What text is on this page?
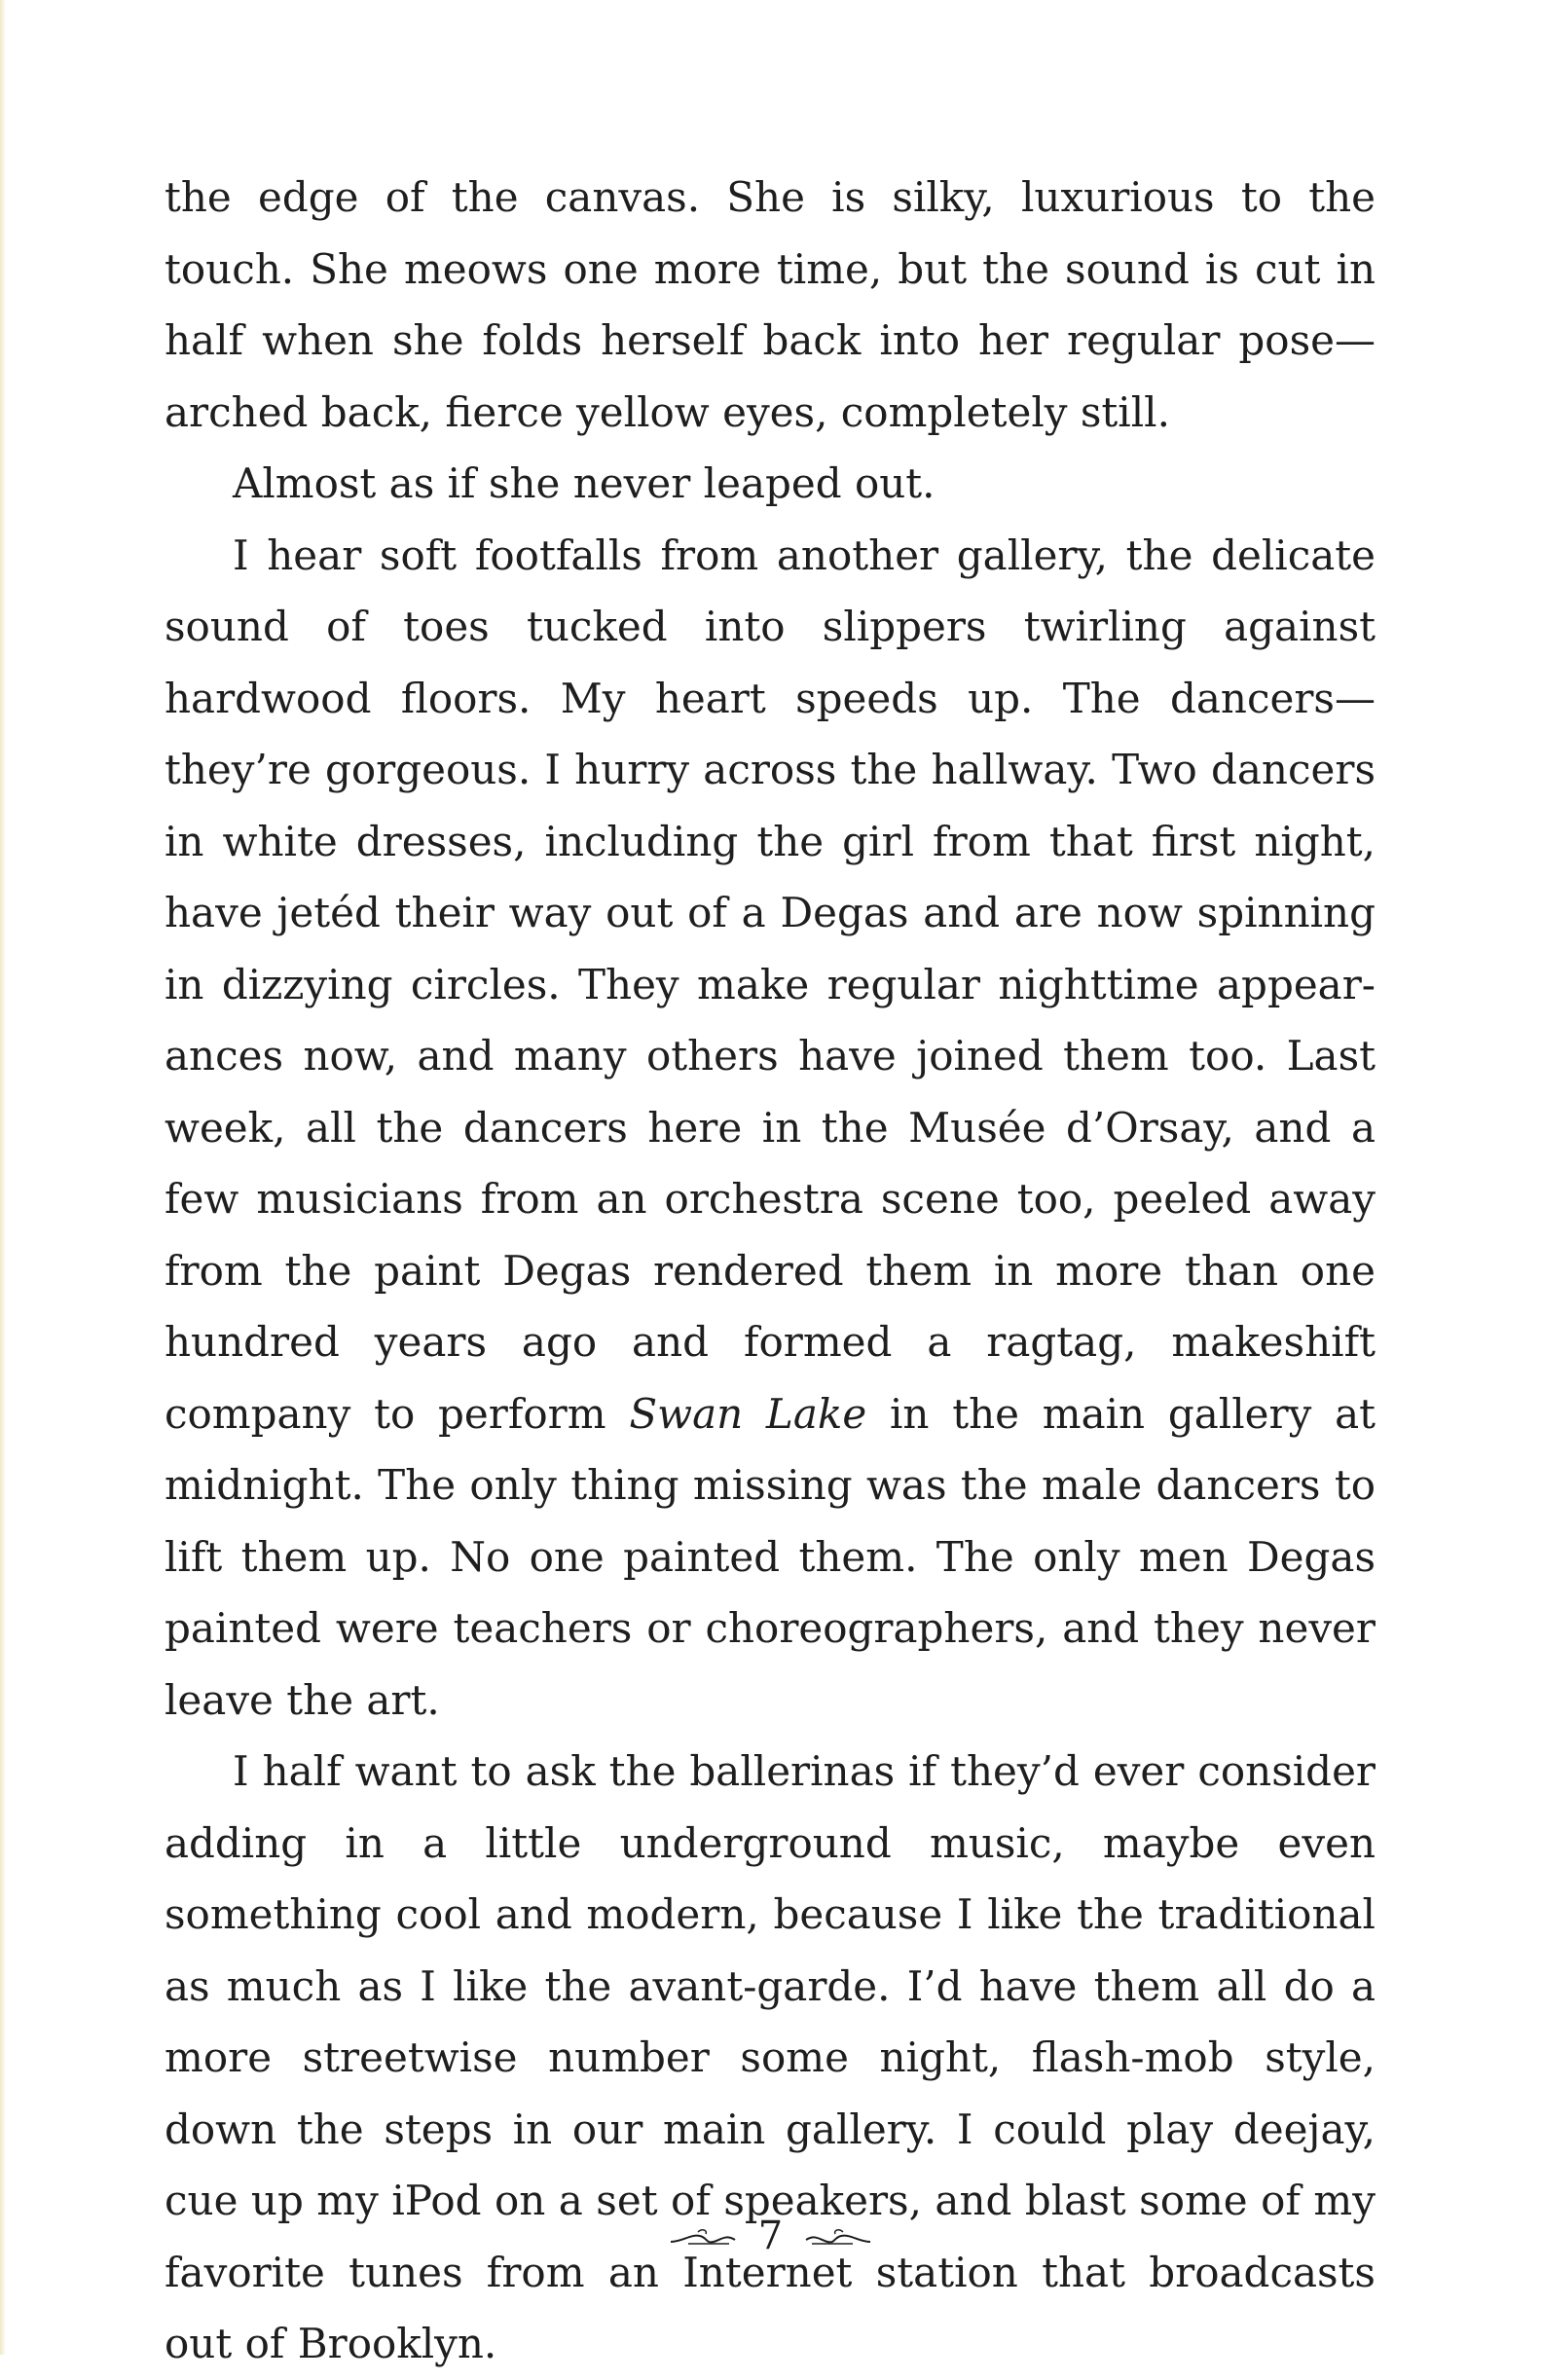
the edge of the canvas. She is silky, luxurious to the touch. She meows one more time, but the sound is cut in half when she folds herself back into her regular pose—arched back, fierce yellow eyes, completely still.

Almost as if she never leaped out.

I hear soft footfalls from another gallery, the delicate sound of toes tucked into slippers twirling against hardwood floors. My heart speeds up. The dancers—they’re gorgeous. I hurry across the hallway. Two dancers in white dresses, including the girl from that first night, have jetéd their way out of a Degas and are now spinning in dizzying circles. They make regular nighttime appear-ances now, and many others have joined them too. Last week, all the dancers here in the Musée d’Orsay, and a few musicians from an orchestra scene too, peeled away from the paint Degas rendered them in more than one hundred years ago and formed a ragtag, makeshift company to perform Swan Lake in the main gallery at midnight. The only thing missing was the male dancers to lift them up. No one painted them. The only men Degas painted were teachers or choreographers, and they never leave the art.

I half want to ask the ballerinas if they’d ever consider adding in a little underground music, maybe even something cool and modern, because I like the traditional as much as I like the avant-garde. I’d have them all do a more streetwise number some night, flash-mob style, down the steps in our main gallery. I could play deejay, cue up my iPod on a set of speakers, and blast some of my favorite tunes from an Internet station that broadcasts out of Brooklyn.

7
